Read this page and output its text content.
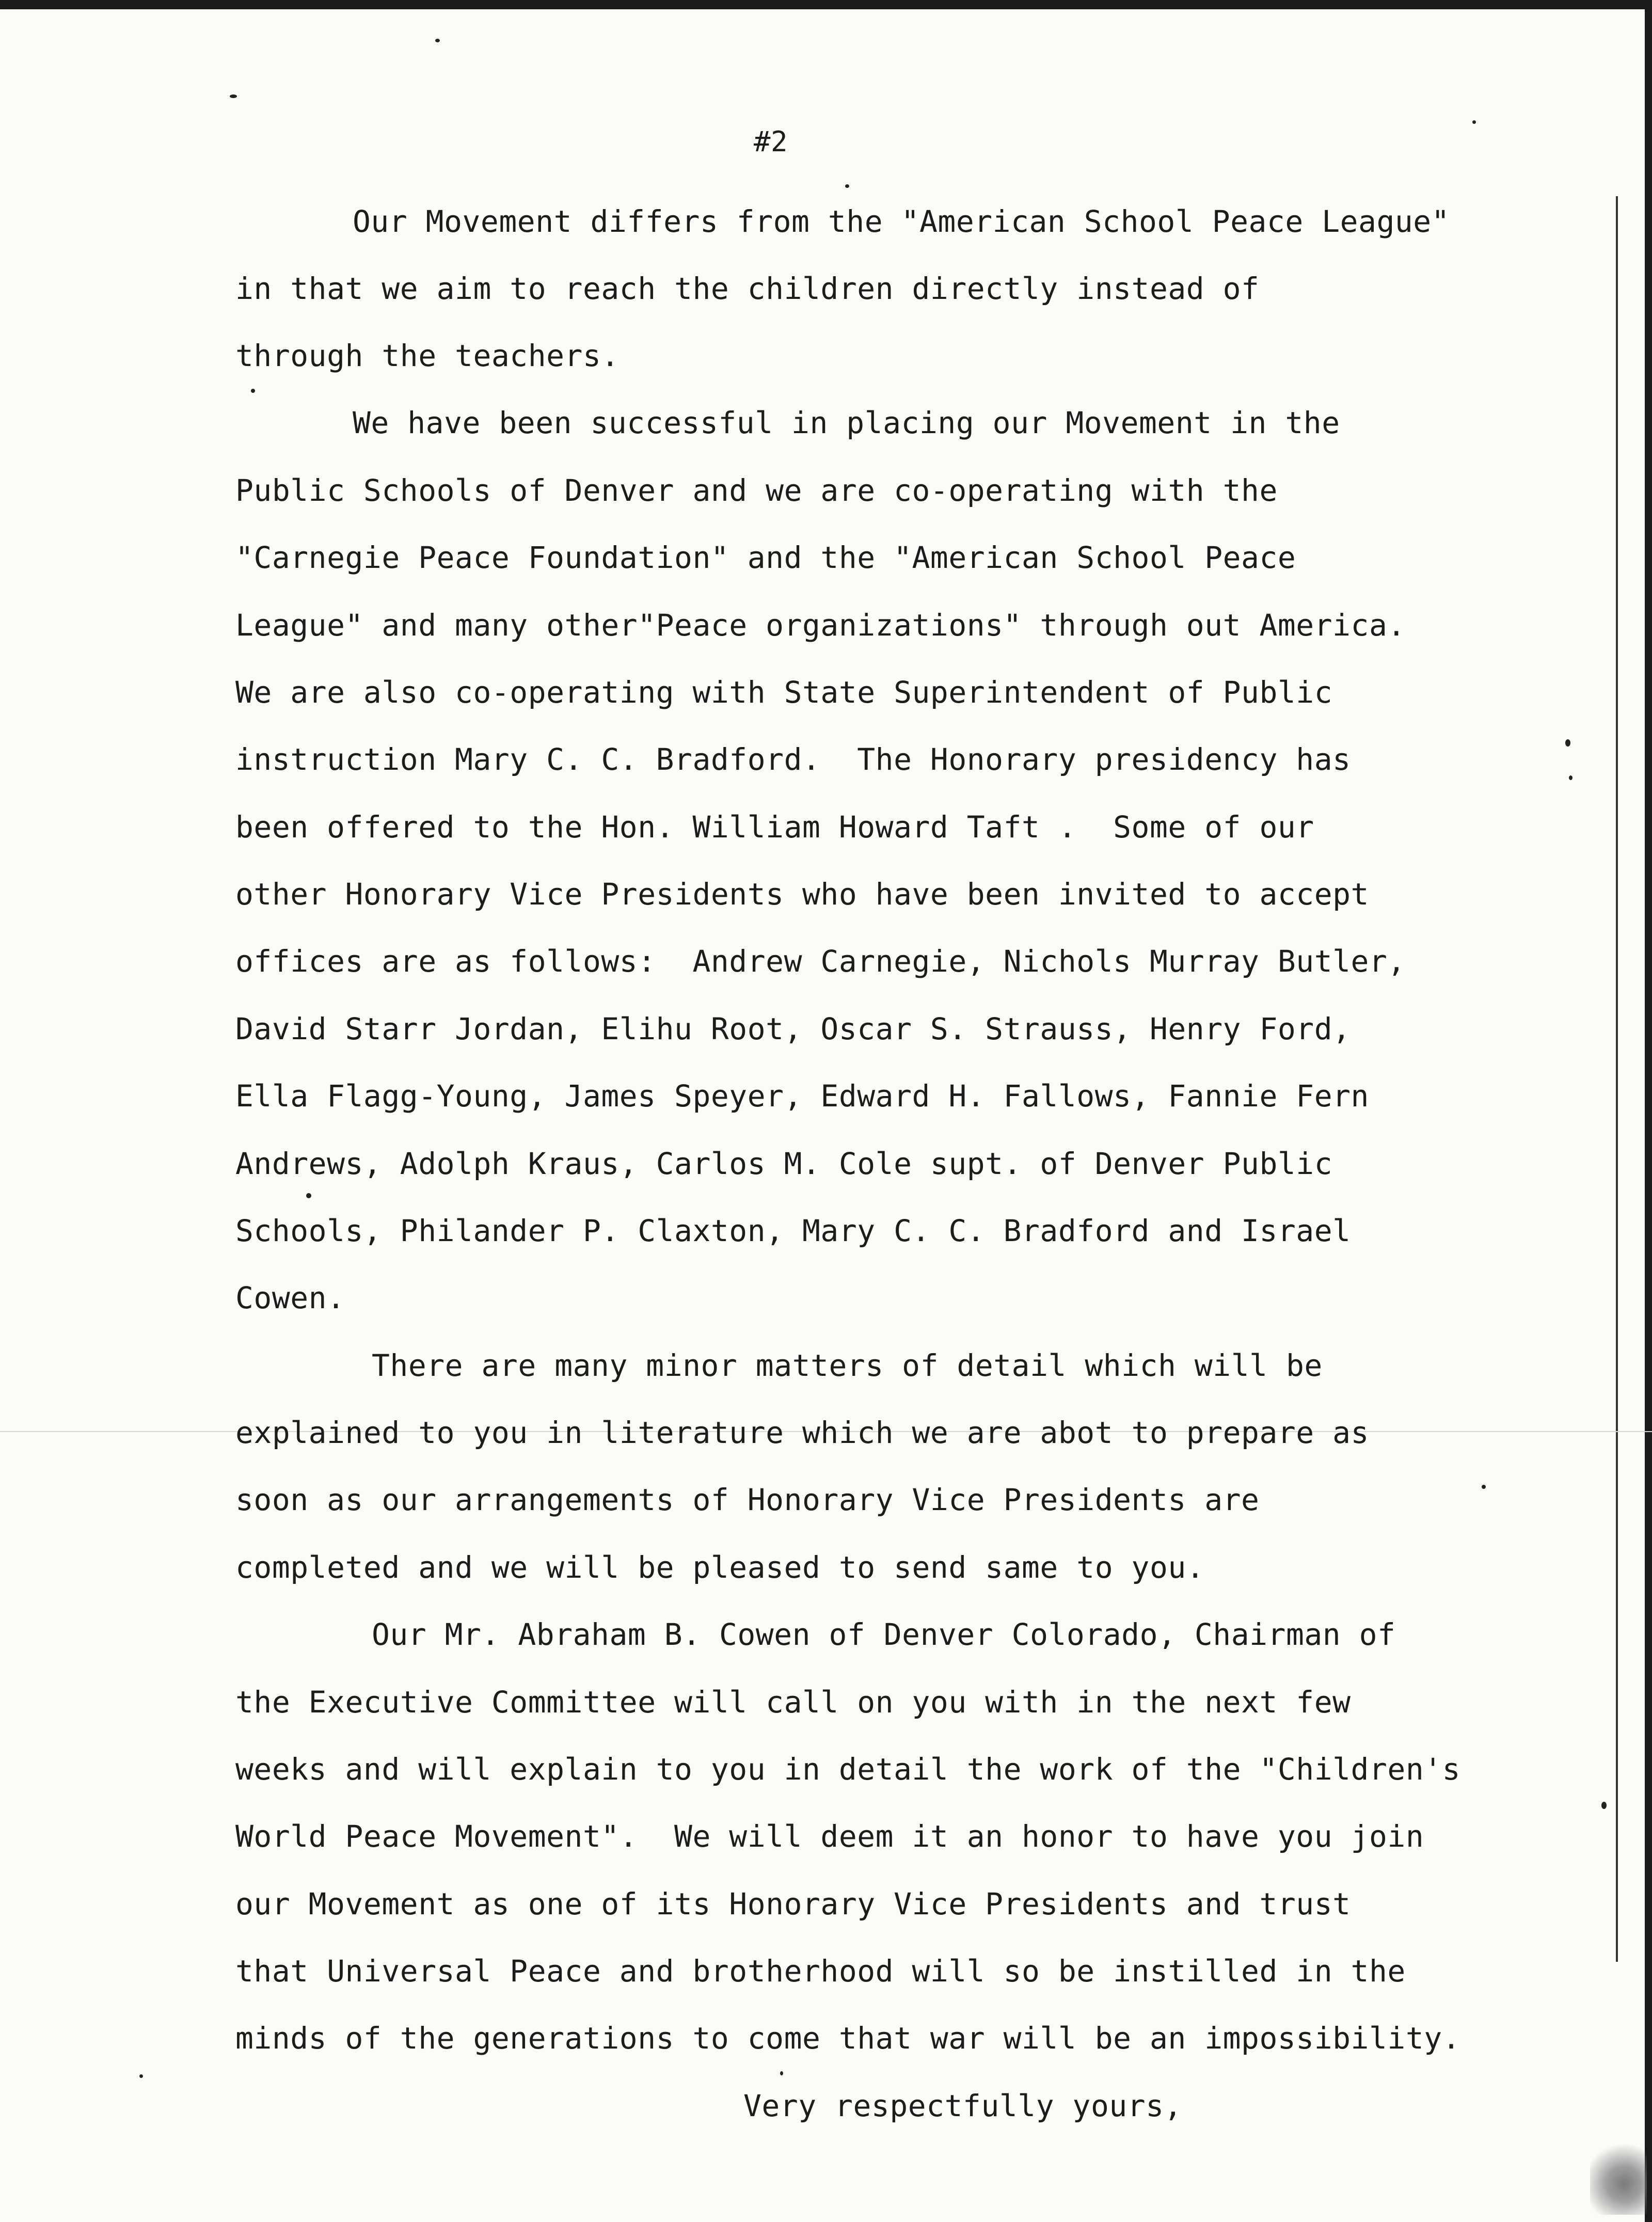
#2
Our Movement differs from the "American School Peace League"
in that we aim to reach the children directly instead of
through the teachers.
We have been successful in placing our Movement in the
Public Schools of Denver and we are co-operating with the
"Carnegie Peace Foundation" and the "American School Peace
League" and many other"Peace organizations" through out America.
We are also co-operating with State Superintendent of Public
instruction Mary C. C. Bradford.  The Honorary presidency has
been offered to the Hon. William Howard Taft .  Some of our
other Honorary Vice Presidents who have been invited to accept
offices are as follows:  Andrew Carnegie, Nichols Murray Butler,
David Starr Jordan, Elihu Root, Oscar S. Strauss, Henry Ford,
Ella Flagg-Young, James Speyer, Edward H. Fallows, Fannie Fern
Andrews, Adolph Kraus, Carlos M. Cole supt. of Denver Public
Schools, Philander P. Claxton, Mary C. C. Bradford and Israel
Cowen.
There are many minor matters of detail which will be
explained to you in literature which we are abot to prepare as
soon as our arrangements of Honorary Vice Presidents are
completed and we will be pleased to send same to you.
Our Mr. Abraham B. Cowen of Denver Colorado, Chairman of
the Executive Committee will call on you with in the next few
weeks and will explain to you in detail the work of the "Children's
World Peace Movement".  We will deem it an honor to have you join
our Movement as one of its Honorary Vice Presidents and trust
that Universal Peace and brotherhood will so be instilled in the
minds of the generations to come that war will be an impossibility.
Very respectfully yours,
